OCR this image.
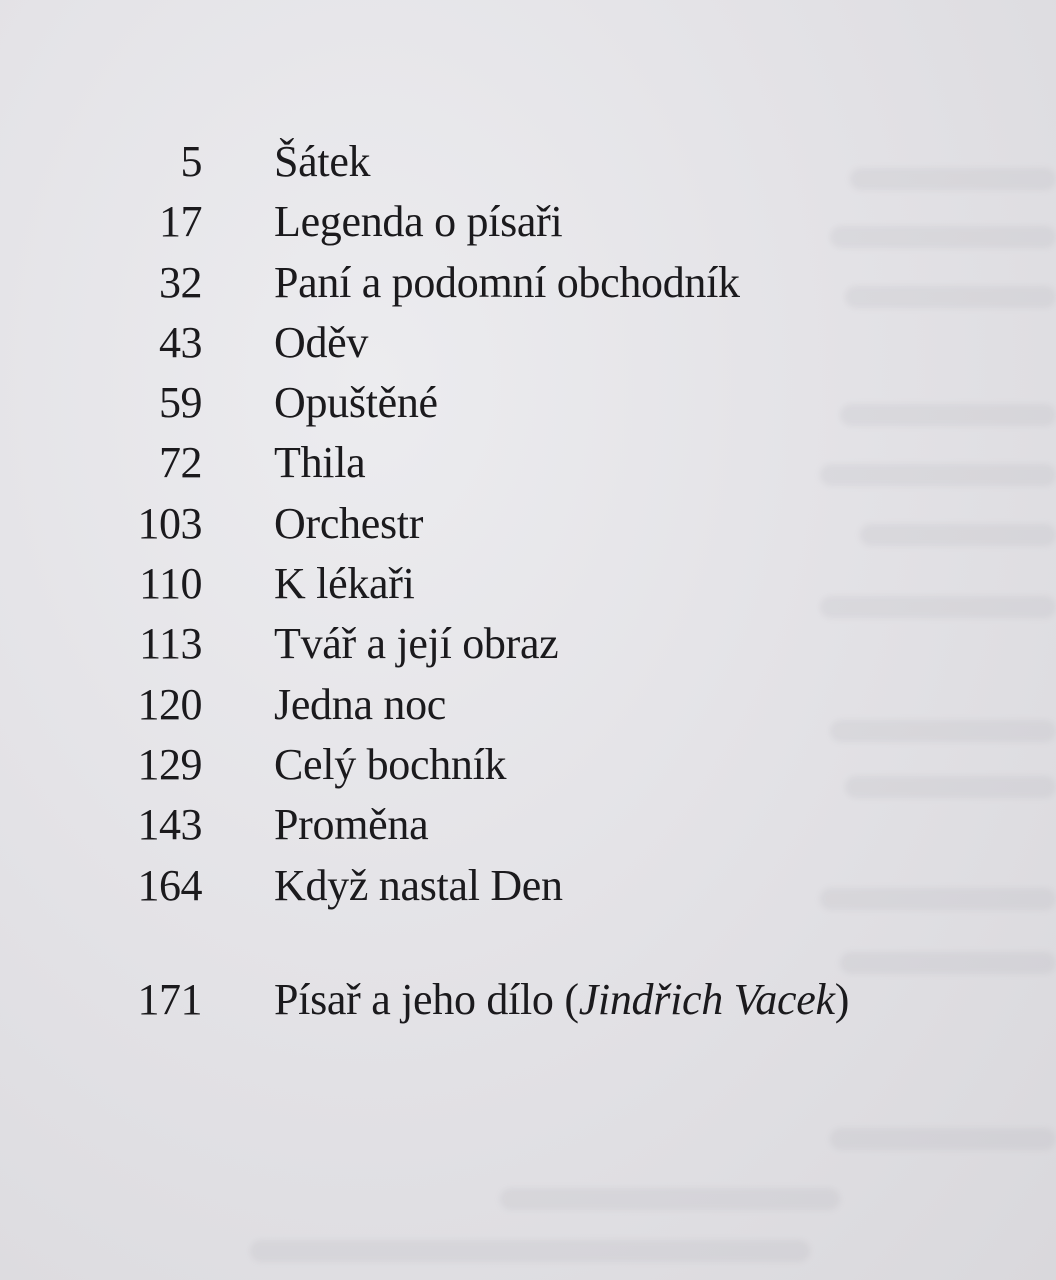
5 Šátek
17 Legenda o písaři
32 Paní a podomní obchodník
43 Oděv
59 Opuštěné
72 Thila
103 Orchestr
110 K lékaři
113 Tvář a její obraz
120 Jedna noc
129 Celý bochník
143 Proměna
164 Když nastal Den
171 Písař a jeho dílo (Jindřich Vacek)
